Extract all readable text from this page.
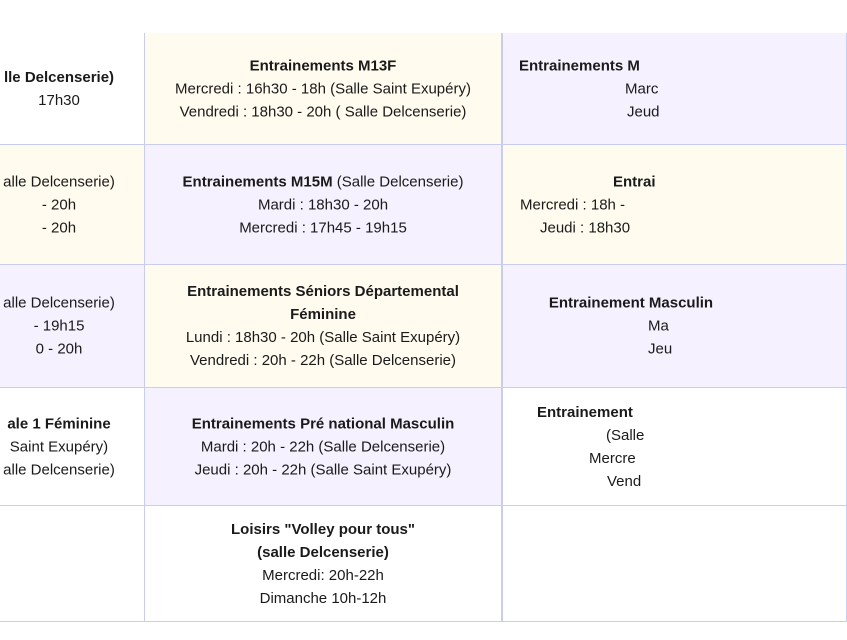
lle Delcenserie)
17h30
Entrainements M13F
Mercredi : 16h30 - 18h (Salle Saint Exupéry)
Vendredi : 18h30 - 20h ( Salle Delcenserie)
Entrainements M
Marc
Jeud
alle Delcenserie)
- 20h
- 20h
Entrainements M15M (Salle Delcenserie)
Mardi : 18h30 - 20h
Mercredi : 17h45 - 19h15
Entrai
Mercredi : 18h -
Jeudi : 18h30
alle Delcenserie)
- 19h15
0 - 20h
Entrainements Séniors Départemental Féminine
Lundi : 18h30 - 20h (Salle Saint Exupéry)
Vendredi : 20h - 22h (Salle Delcenserie)
Entrainement Masculin
Ma
Jeu
ale 1 Féminine
Saint Exupéry)
alle Delcenserie)
Entrainements Pré national Masculin
Mardi : 20h - 22h (Salle Delcenserie)
Jeudi : 20h - 22h (Salle Saint Exupéry)
Entrainement
(Salle
Mercre
Vend
Loisirs "Volley pour tous"
(salle Delcenserie)
Mercredi: 20h-22h
Dimanche 10h-12h
